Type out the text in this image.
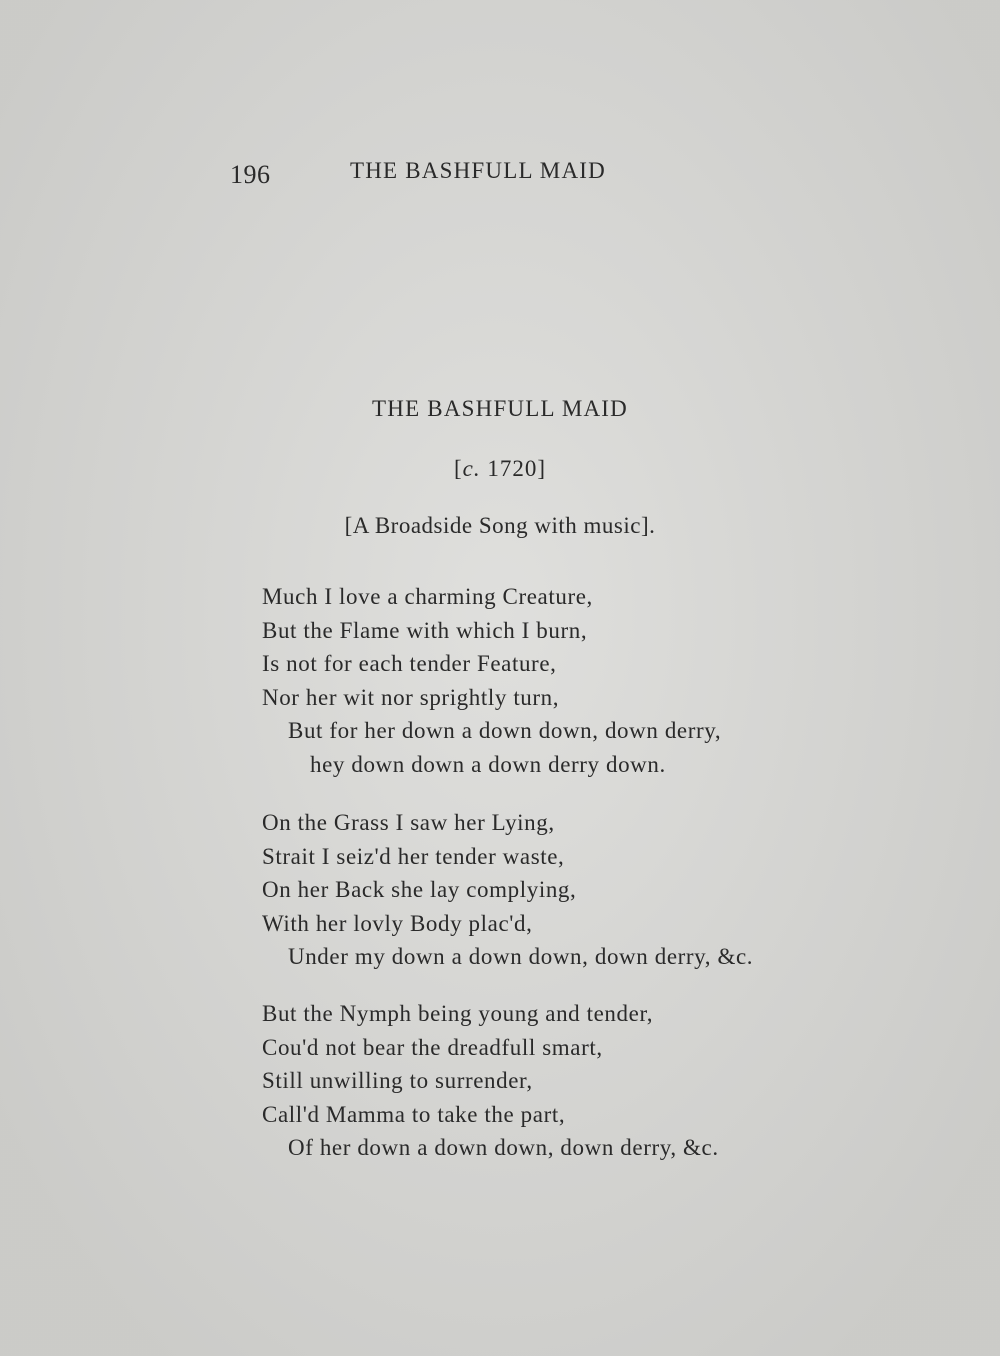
196	THE BASHFULL MAID
THE BASHFULL MAID
[c. 1720]
[A Broadside Song with music].
Much I love a charming Creature,
But the Flame with which I burn,
Is not for each tender Feature,
Nor her wit nor sprightly turn,
But for her down a down down, down derry,
hey down down a down derry down.
On the Grass I saw her Lying,
Strait I seiz'd her tender waste,
On her Back she lay complying,
With her lovly Body plac'd,
Under my down a down down, down derry, &c.
But the Nymph being young and tender,
Cou'd not bear the dreadfull smart,
Still unwilling to surrender,
Call'd Mamma to take the part,
Of her down a down down, down derry, &c.
